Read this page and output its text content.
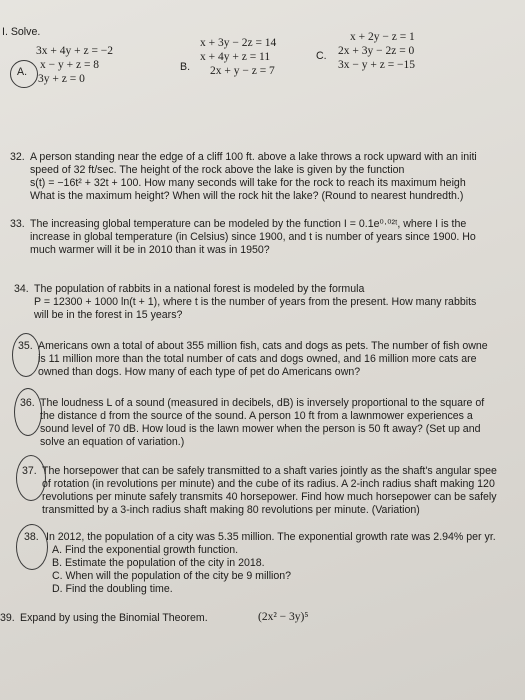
I. Solve.
A.
3x + 4y + z = −2
x − y + z = 8
3y + z = 0
B.
x + 3y − 2z = 14
x + 4y + z = 11
2x + y − z = 7
C.
x + 2y − z = 1
2x + 3y − 2z = 0
3x − y + z = −15
32. A person standing near the edge of a cliff 100 ft. above a lake throws a rock upward with an initi
speed of 32 ft/sec. The height of the rock above the lake is given by the function
s(t) = −16t² + 32t + 100. How many seconds will take for the rock to reach its maximum heigh
What is the maximum height? When will the rock hit the lake? (Round to nearest hundredth.)
33. The increasing global temperature can be modeled by the function I = 0.1e⁰·⁰²ᵗ, where I is the
increase in global temperature (in Celsius) since 1900, and t is number of years since 1900. Ho
much warmer will it be in 2010 than it was in 1950?
34. The population of rabbits in a national forest is modeled by the formula
P = 12300 + 1000 ln(t + 1), where t is the number of years from the present. How many rabbits
will be in the forest in 15 years?
35. Americans own a total of about 355 million fish, cats and dogs as pets. The number of fish owne
is 11 million more than the total number of cats and dogs owned, and 16 million more cats are
owned than dogs. How many of each type of pet do Americans own?
36. The loudness L of a sound (measured in decibels, dB) is inversely proportional to the square of
the distance d from the source of the sound. A person 10 ft from a lawnmower experiences a
sound level of 70 dB. How loud is the lawn mower when the person is 50 ft away? (Set up and
solve an equation of variation.)
37. The horsepower that can be safely transmitted to a shaft varies jointly as the shaft's angular spee
of rotation (in revolutions per minute) and the cube of its radius. A 2-inch radius shaft making 120
revolutions per minute safely transmits 40 horsepower. Find how much horsepower can be safely
transmitted by a 3-inch radius shaft making 80 revolutions per minute. (Variation)
38. In 2012, the population of a city was 5.35 million. The exponential growth rate was 2.94% per yr.
A. Find the exponential growth function.
B. Estimate the population of the city in 2018.
C. When will the population of the city be 9 million?
D. Find the doubling time.
39. Expand by using the Binomial Theorem.	(2x² − 3y)⁵
